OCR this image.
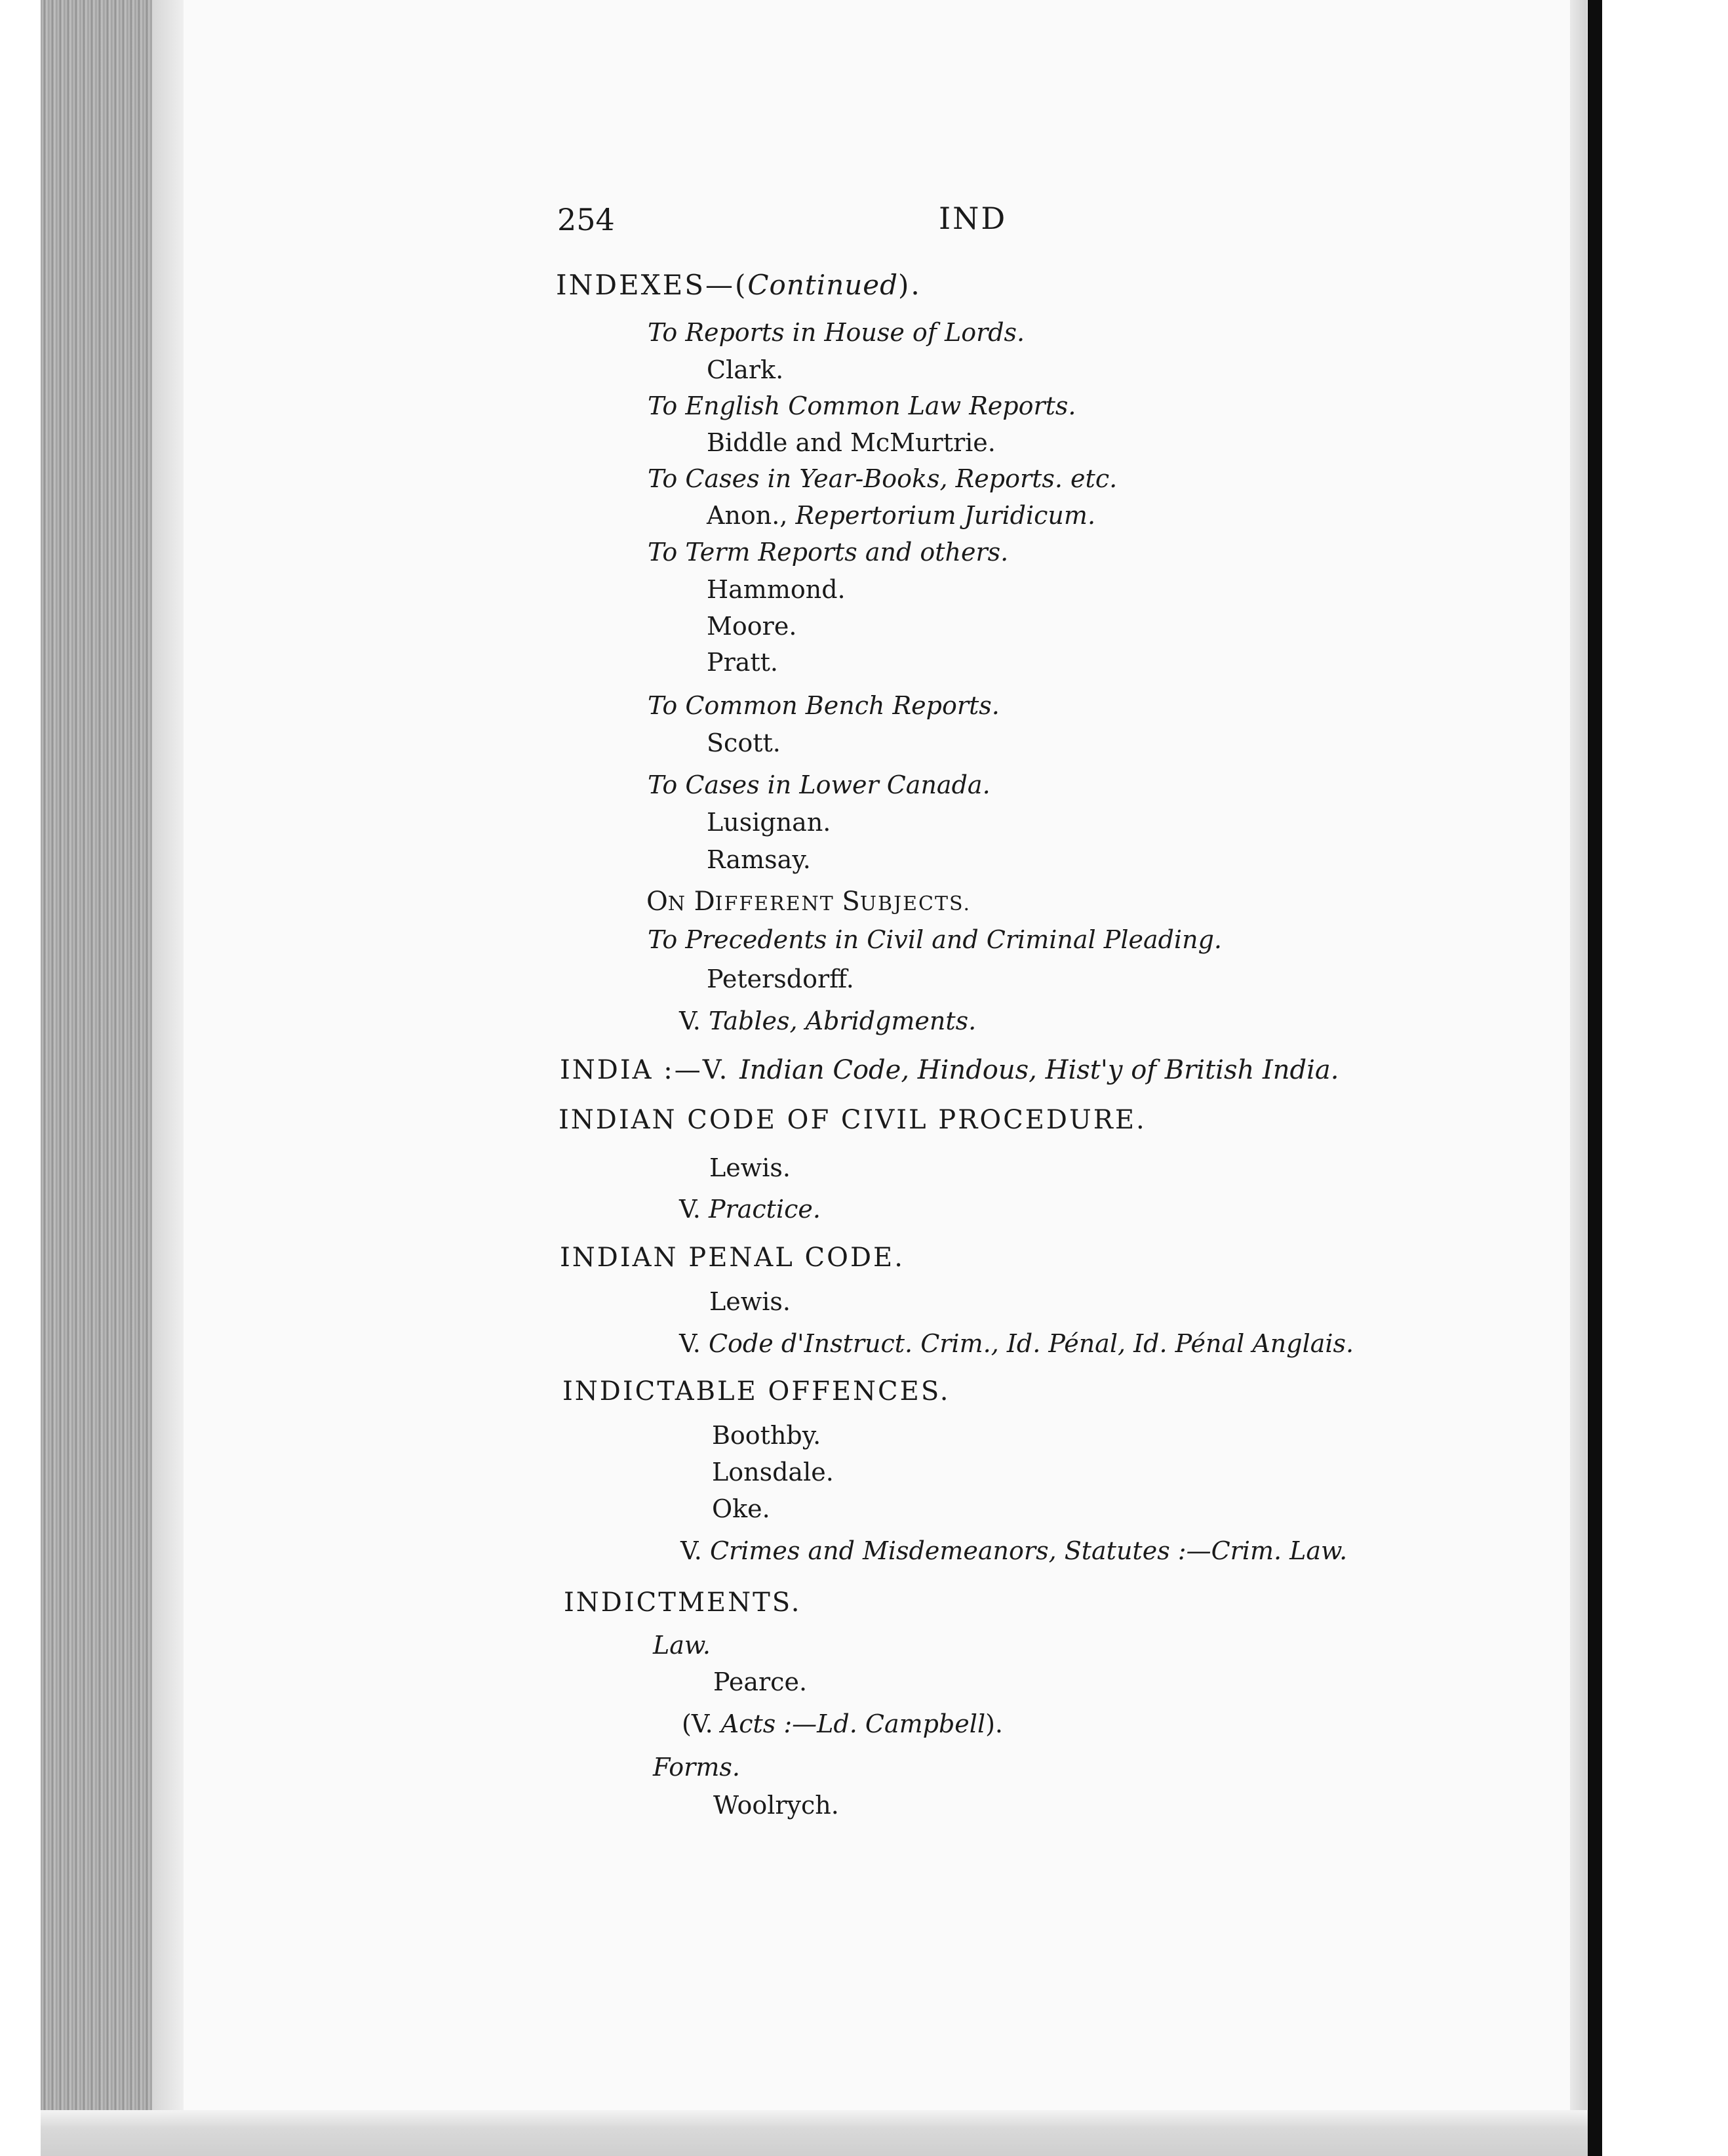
254	IND
INDEXES—(Continued).
To Reports in House of Lords.
Clark.
To English Common Law Reports.
Biddle and McMurtrie.
To Cases in Year-Books, Reports. etc.
Anon., Repertorium Juridicum.
To Term Reports and others.
Hammond.
Moore.
Pratt.
To Common Bench Reports.
Scott.
To Cases in Lower Canada.
Lusignan.
Ramsay.
ON DIFFERENT SUBJECTS.
To Precedents in Civil and Criminal Pleading.
Petersdorff.
V. Tables, Abridgments.
INDIA :—V. Indian Code, Hindous, Hist'y of British India.
INDIAN CODE OF CIVIL PROCEDURE.
Lewis.
V. Practice.
INDIAN PENAL CODE.
Lewis.
V. Code d'Instruct. Crim., Id. Pénal, Id. Pénal Anglais.
INDICTABLE OFFENCES.
Boothby.
Lonsdale.
Oke.
V. Crimes and Misdemeanors, Statutes :—Crim. Law.
INDICTMENTS.
Law.
Pearce.
(V. Acts :—Ld. Campbell).
Forms.
Woolrych.
